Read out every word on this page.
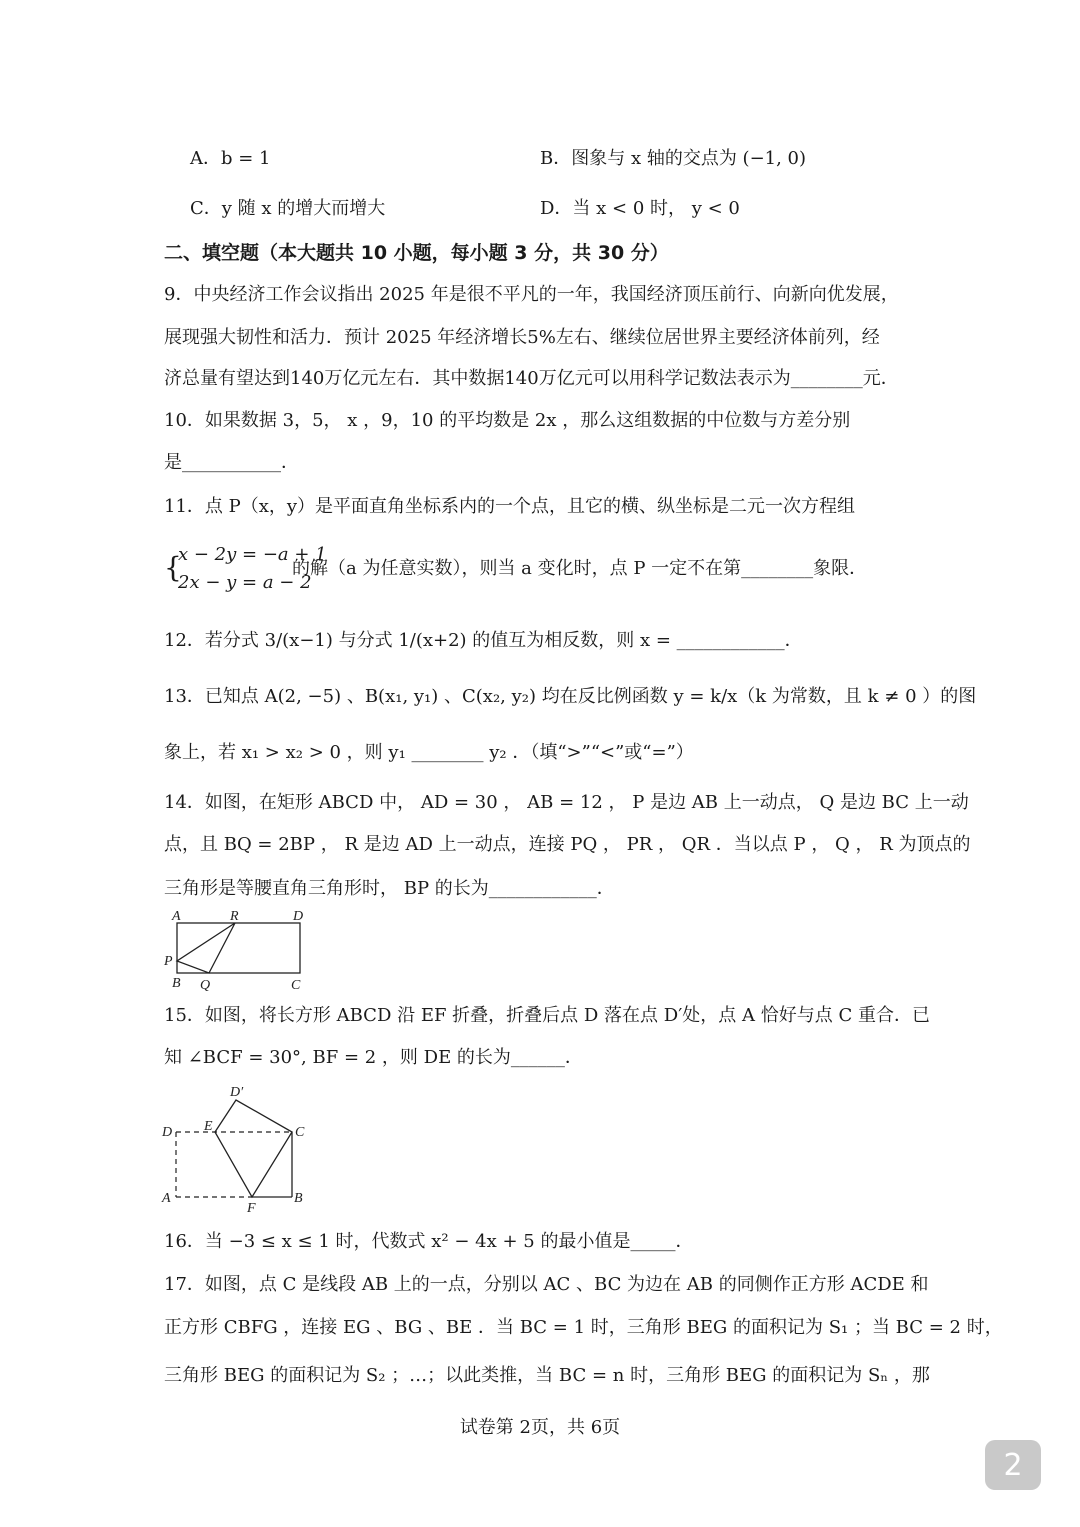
A．b = 1	B．图象与 x 轴的交点为 (−1, 0)
C．y 随 x 的增大而增大	D．当 x < 0 时， y < 0
二、填空题（本大题共 10 小题，每小题 3 分，共 30 分）
9．中央经济工作会议指出 2025 年是很不平凡的一年，我国经济顶压前行、向新向优发展，
展现强大韧性和活力．预计 2025 年经济增长5%左右、继续位居世界主要经济体前列，经
济总量有望达到140万亿元左右．其中数据140万亿元可以用科学记数法表示为________元．
10．如果数据 3，5， x ，9，10 的平均数是 2x ，那么这组数据的中位数与方差分别
是___________．
11．点 P（x，y）是平面直角坐标系内的一个点，且它的横、纵坐标是二元一次方程组
{
x − 2y = −a + 1
2x − y = a − 2
的解（a 为任意实数），则当 a 变化时，点 P 一定不在第________象限．
12．若分式 3/(x−1) 与分式 1/(x+2) 的值互为相反数，则 x = ____________．
13．已知点 A(2, −5) 、B(x₁, y₁) 、C(x₂, y₂) 均在反比例函数 y = k/x（k 为常数，且 k ≠ 0 ）的图
象上，若 x₁ > x₂ > 0 ，则 y₁ ________ y₂ ．（填“>”“<”或“=”）
14．如图，在矩形 ABCD 中， AD = 30 ， AB = 12 ， P 是边 AB 上一动点， Q 是边 BC 上一动
点，且 BQ = 2BP ， R 是边 AD 上一动点，连接 PQ ， PR ， QR ．当以点 P ， Q ， R 为顶点的
三角形是等腰直角三角形时， BP 的长为____________．
A	R	D
P
B Q	C
15．如图，将长方形 ABCD 沿 EF 折叠，折叠后点 D 落在点 D′处，点 A 恰好与点 C 重合．已
知 ∠BCF = 30°, BF = 2 ，则 DE 的长为______．
D′
D E	C
A
F
B
16．当 −3 ≤ x ≤ 1 时，代数式 x² − 4x + 5 的最小值是_____．
17．如图，点 C 是线段 AB 上的一点，分别以 AC 、BC 为边在 AB 的同侧作正方形 ACDE 和
正方形 CBFG ，连接 EG 、BG 、BE ．当 BC = 1 时，三角形 BEG 的面积记为 S₁ ；当 BC = 2 时，
三角形 BEG 的面积记为 S₂ ；…；以此类推，当 BC = n 时，三角形 BEG 的面积记为 Sₙ ，那
试卷第 2页，共 6页
2
